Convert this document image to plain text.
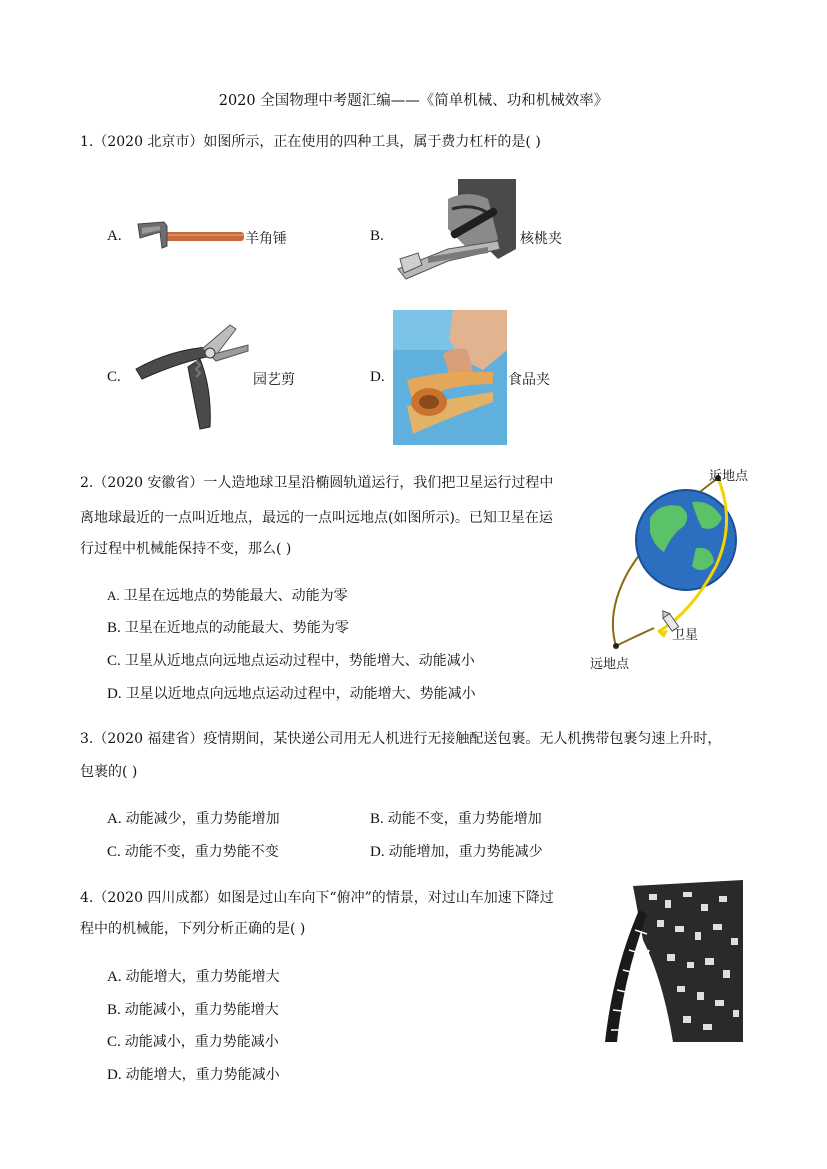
2020 全国物理中考题汇编——《简单机械、功和机械效率》
1.（2020 北京市）如图所示，正在使用的四种工具，属于费力杠杆的是( )
A.	羊角锤	B.	核桃夹
C.	园艺剪	D.	食品夹
2.（2020 安徽省）一人造地球卫星沿椭圆轨道运行，我们把卫星运行过程中
离地球最近的一点叫近地点，最远的一点叫远地点(如图所示)。已知卫星在运
行过程中机械能保持不变，那么( )
A. 卫星在远地点的势能最大、动能为零
B. 卫星在近地点的动能最大、势能为零
C. 卫星从近地点向远地点运动过程中，势能增大、动能减小
D. 卫星以近地点向远地点运动过程中，动能增大、势能减小
近地点
卫星
远地点
3.（2020 福建省）疫情期间，某快递公司用无人机进行无接触配送包裹。无人机携带包裹匀速上升时，
包裹的( )
A. 动能减少，重力势能增加	B. 动能不变，重力势能增加
C. 动能不变，重力势能不变	D. 动能增加，重力势能减少
4.（2020 四川成都）如图是过山车向下“俯冲”的情景，对过山车加速下降过
程中的机械能，下列分析正确的是( )
A. 动能增大，重力势能增大
B. 动能减小，重力势能增大
C. 动能减小，重力势能减小
D. 动能增大，重力势能减小
